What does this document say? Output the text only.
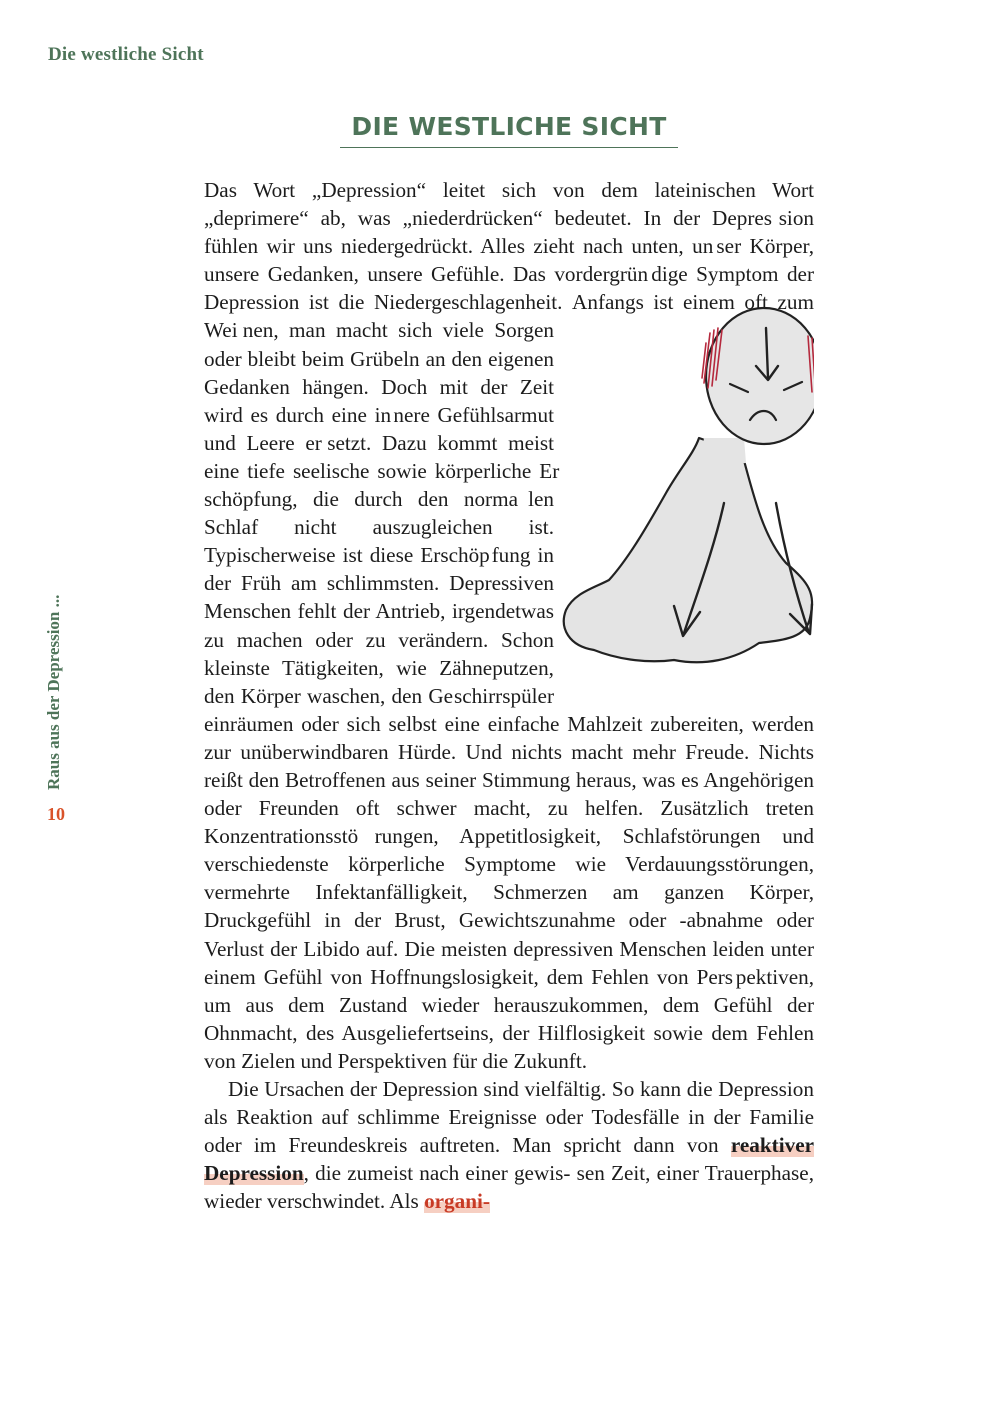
Die westliche Sicht
Raus aus der Depression ...
10
DIE WESTLICHE SICHT

Das Wort „Depression“ leitet sich von dem lateinischen Wort „deprimere“ ab, was „niederdrücken“ bedeutet. In der Depres sion fühlen wir uns niedergedrückt. Alles zieht nach unten, un ser Körper, unsere Gedanken, unsere Gefühle. Das vordergrün dige Symptom der Depression ist die Niedergeschlagenheit. Anfangs ist einem oft zum Wei nen, man macht sich viele Sorgen oder bleibt beim Grübeln an den eigenen Gedanken hängen. Doch mit der Zeit wird es durch eine in nere Gefühlsarmut und Leere er setzt. Dazu kommt meist eine tiefe seelische sowie körperliche Er schöpfung, die durch den norma len Schlaf nicht auszugleichen ist. Typischerweise ist diese Erschöp fung in der Früh am schlimmsten. Depressiven Menschen fehlt der Antrieb, irgendetwas zu machen oder zu verändern. Schon kleinste Tätigkeiten, wie Zähneputzen, den Körper waschen, den Ge schirrspüler einräumen oder sich selbst eine einfache Mahlzeit zubereiten, werden zur unüberwindbaren Hürde. Und nichts macht mehr Freude. Nichts reißt den Betroffenen aus seiner Stimmung heraus, was es Angehörigen oder Freunden oft schwer macht, zu helfen. Zusätzlich treten Konzentrationsstö rungen, Appetitlosigkeit, Schlafstörungen und verschiedenste körperliche Symptome wie Verdauungsstörungen, vermehrte Infektanfälligkeit, Schmerzen am ganzen Körper, Druckgefühl in der Brust, Gewichtszunahme oder -abnahme oder Verlust der Libido auf. Die meisten depressiven Menschen leiden unter einem Gefühl von Hoffnungslosigkeit, dem Fehlen von Pers pektiven, um aus dem Zustand wieder herauszukommen, dem Gefühl der Ohnmacht, des Ausgeliefertseins, der Hilflosigkeit sowie dem Fehlen von Zielen und Perspektiven für die Zukunft.

Die Ursachen der Depression sind vielfältig. So kann die De pression als Reaktion auf schlimme Ereignisse oder Todesfälle in der Familie oder im Freundeskreis auftreten. Man spricht dann von reaktiver Depression, die zumeist nach einer gewis- sen Zeit, einer Trauerphase, wieder verschwindet. Als organi-
